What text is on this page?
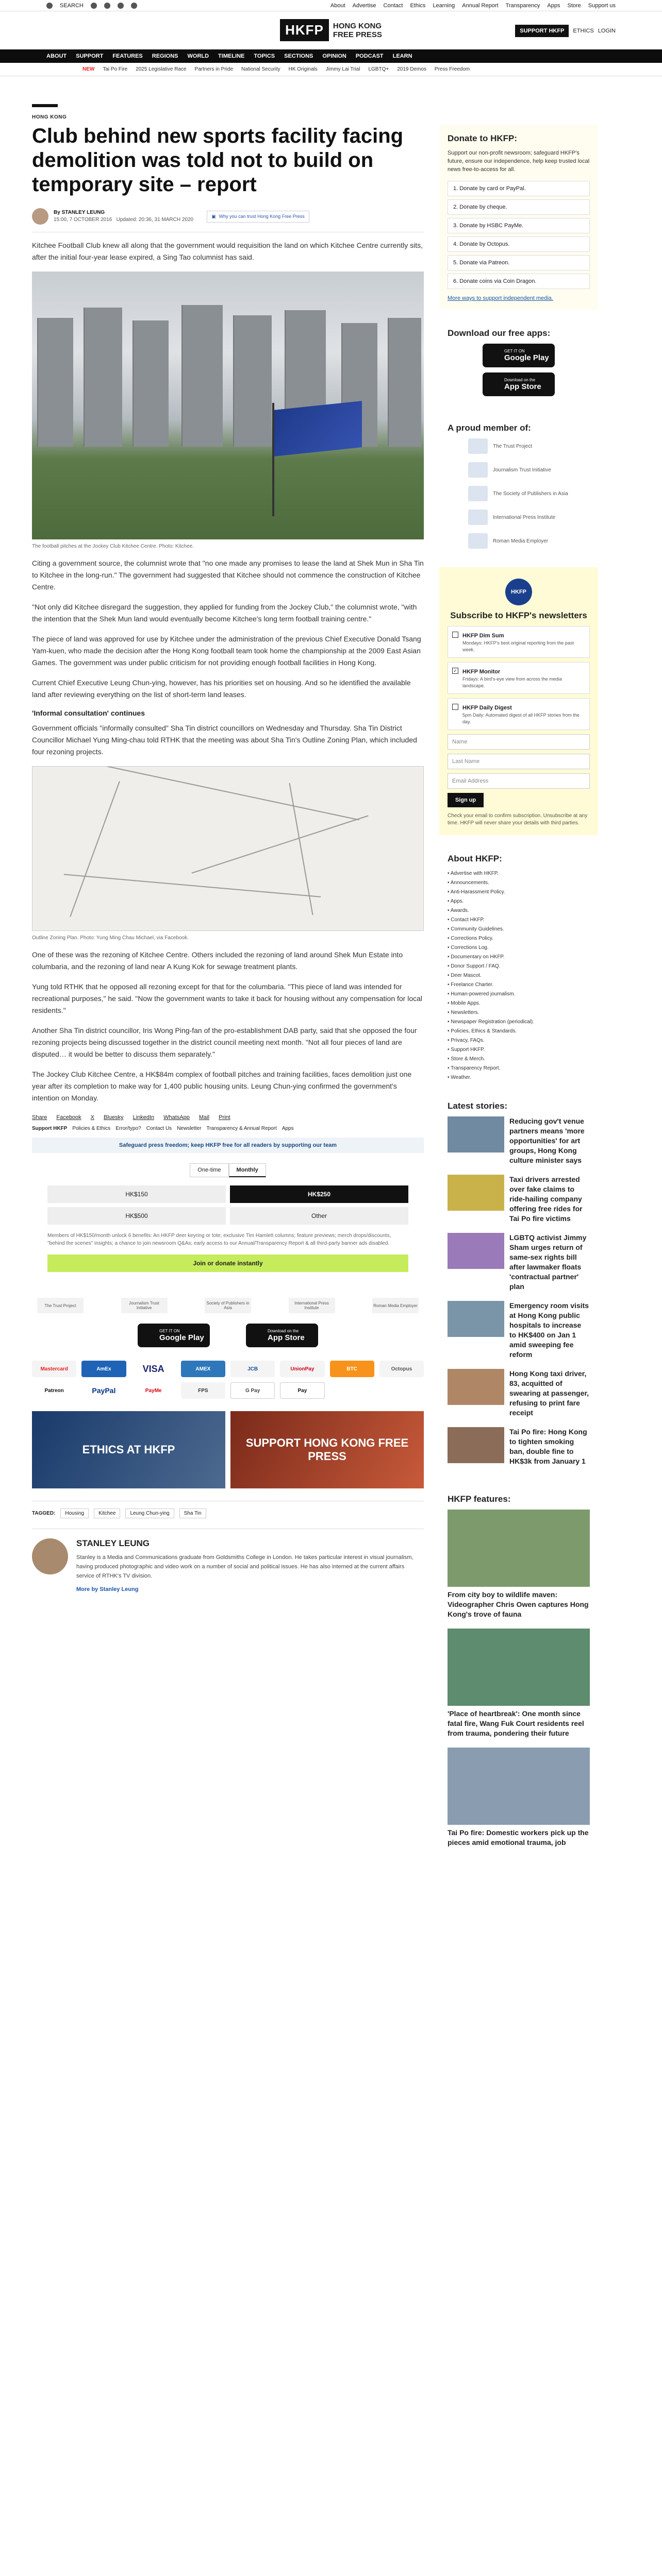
SEARCH	About Advertise Contact Ethics Learning Annual Report Transparency Apps Store Support us
HKFP	HONG KONG
FREE PRESS	SUPPORT HKFP	ETHICS LOGIN
ABOUT SUPPORT FEATURES REGIONS WORLD TIMELINE TOPICS SECTIONS OPINION PODCAST LEARN
NEW Tai Po Fire 2025 Legislative Race Partners in Pride National Security HK Originals Jimmy Lai Trial LGBTQ+ 2019 Demos Press Freedom
HONG KONG
Club behind new sports facility facing demolition was told not to build on temporary site – report
By STANLEY LEUNG
15:00, 7 OCTOBER 2016 Updated: 20:36, 31 MARCH 2020
▣ Why you can trust Hong Kong Free Press

Kitchee Football Club knew all along that the government would requisition the land on which Kitchee Centre currently sits, after the initial four-year lease expired, a Sing Tao columnist has said.

The football pitches at the Jockey Club Kitchee Centre. Photo: Kitchee.

Citing a government source, the columnist wrote that "no one made any promises to lease the land at Shek Mun in Sha Tin to Kitchee in the long-run." The government had suggested that Kitchee should not commence the construction of Kitchee Centre.

"Not only did Kitchee disregard the suggestion, they applied for funding from the Jockey Club," the columnist wrote, "with the intention that the Shek Mun land would eventually become Kitchee's long term football training centre."

The piece of land was approved for use by Kitchee under the administration of the previous Chief Executive Donald Tsang Yam-kuen, who made the decision after the Hong Kong football team took home the championship at the 2009 East Asian Games. The government was under public criticism for not providing enough football facilities in Hong Kong.

Current Chief Executive Leung Chun-ying, however, has his priorities set on housing. And so he identified the available land after reviewing everything on the list of short-term land leases.

'Informal consultation' continues

Government officials "informally consulted" Sha Tin district councillors on Wednesday and Thursday. Sha Tin District Councillor Michael Yung Ming-chau told RTHK that the meeting was about Sha Tin's Outline Zoning Plan, which included four rezoning projects.

Outline Zoning Plan. Photo: Yung Ming Chau Michael, via Facebook.

One of these was the rezoning of Kitchee Centre. Others included the rezoning of land around Shek Mun Estate into columbaria, and the rezoning of land near A Kung Kok for sewage treatment plants.

Yung told RTHK that he opposed all rezoning except for that for the columbaria. "This piece of land was intended for recreational purposes," he said. "Now the government wants to take it back for housing without any compensation for local residents."

Another Sha Tin district councillor, Iris Wong Ping-fan of the pro-establishment DAB party, said that she opposed the four rezoning projects being discussed together in the district council meeting next month. "Not all four pieces of land are disputed… it would be better to discuss them separately."

The Jockey Club Kitchee Centre, a HK$84m complex of football pitches and training facilities, faces demolition just one year after its completion to make way for 1,400 public housing units. Leung Chun-ying confirmed the government's intention on Monday.

Share Facebook X Bluesky LinkedIn WhatsApp Mail Print
Support HKFP Policies & Ethics Error/typo? Contact Us Newsletter Transparency & Annual Report Apps
Safeguard press freedom; keep HKFP free for all readers by supporting our team
One-time	Monthly
HK$150	HK$250
HK$500	Other
Members of HK$150/month unlock 6 benefits: An HKFP deer keyring or tote; exclusive Tim Hamlett columns; feature previews; merch drops/discounts, "behind the scenes" insights; a chance to join newsroom Q&As; early access to our Annual/Transparency Report & all third-party banner ads disabled.
Join or donate instantly
The Trust Project	Journalism Trust Initiative
Society of Publishers in Asia
International Press Institute	Roman Media Employer
GET IT ON
Google Play
Download on the
App Store
Mastercard	AmEx	VISA	AMEX	JCB	UnionPay	BTC	Octopus
Patreon	PayPal	PayMe	FPS	G Pay	Pay
ETHICS AT HKFP
SUPPORT HONG KONG FREE PRESS
TAGGED:	Housing	Kitchee	Leung Chun-ying	Sha Tin
STANLEY LEUNG

Stanley is a Media and Communications graduate from Goldsmiths College in London. He takes particular interest in visual journalism, having produced photographic and video work on a number of social and political issues. He has also interned at the current affairs service of RTHK's TV division.

More by Stanley Leung

Donate to HKFP:
Support our non-profit newsroom; safeguard HKFP's future, ensure our independence, help keep trusted local news free-to-access for all.
1. Donate by card or PayPal.
2. Donate by cheque.
3. Donate by HSBC PayMe.
4. Donate by Octopus.
5. Donate via Patreon.
6. Donate coins via Coin Dragon.
More ways to support independent media.
Download our free apps:
GET IT ON
Google Play
Download on the
App Store
A proud member of:
The Trust Project
Journalism Trust Initiative
The Society of Publishers in Asia
International Press Institute
Roman Media Employer
HKFP
Subscribe to HKFP's newsletters
HKFP Dim Sum
Mondays: HKFP's best original reporting from the past week.
✓ HKFP Monitor
Fridays: A bird's-eye view from across the media landscape.
HKFP Daily Digest
5pm Daily: Automated digest of all HKFP stories from the day.
Name
Last Name
Email Address
Sign up
Check your email to confirm subscription. Unsubscribe at any time. HKFP will never share your details with third parties.
About HKFP:
• Advertise with HKFP.
• Announcements.
• Anti-Harassment Policy.
• Apps.
• Awards.
• Contact HKFP.
• Community Guidelines.
• Corrections Policy.
• Corrections Log.
• Documentary on HKFP.
• Donor Support / FAQ.
• Deer Mascot.
• Freelance Charter.
• Human-powered journalism.
• Mobile Apps.
• Newsletters.
• Newspaper Registration (periodical).
• Policies, Ethics & Standards.
• Privacy, FAQs.
• Support HKFP.
• Store & Merch.
• Transparency Report.
• Weather.
Latest stories:
Reducing gov't venue partners means 'more opportunities' for art groups, Hong Kong culture minister says
Taxi drivers arrested over fake claims to ride-hailing company offering free rides for Tai Po fire victims
LGBTQ activist Jimmy Sham urges return of same-sex rights bill after lawmaker floats 'contractual partner' plan
Emergency room visits at Hong Kong public hospitals to increase to HK$400 on Jan 1 amid sweeping fee reform
Hong Kong taxi driver, 83, acquitted of swearing at passenger, refusing to print fare receipt
Tai Po fire: Hong Kong to tighten smoking ban, double fine to HK$3k from January 1
HKFP features:
From city boy to wildlife maven: Videographer Chris Owen captures Hong Kong's trove of fauna
'Place of heartbreak': One month since fatal fire, Wang Fuk Court residents reel from trauma, pondering their future
Tai Po fire: Domestic workers pick up the pieces amid emotional trauma, job
